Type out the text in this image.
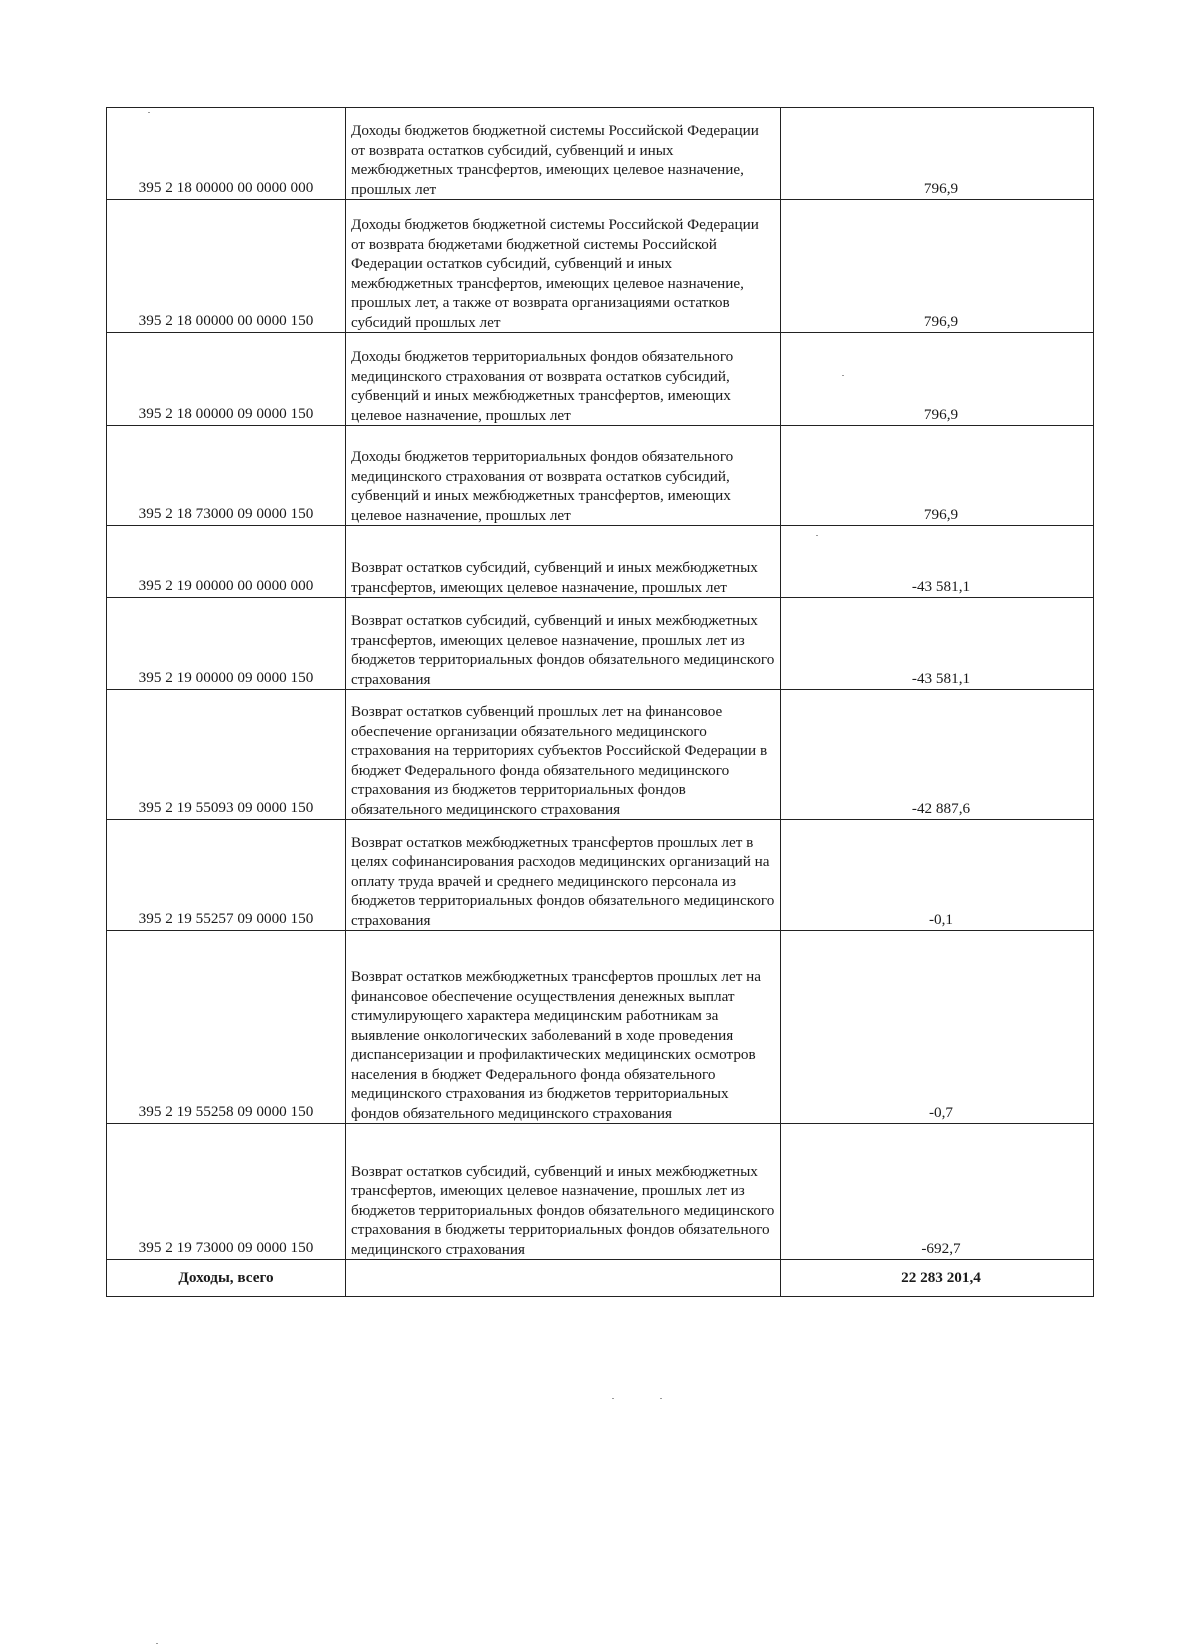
395 2 18 00000 00 0000 000	Доходы бюджетов бюджетной системы Российской Федерации от возврата остатков субсидий, субвенций и иных межбюджетных трансфертов, имеющих целевое назначение, прошлых лет	796,9
395 2 18 00000 00 0000 150	Доходы бюджетов бюджетной системы Российской Федерации от возврата бюджетами бюджетной системы Российской Федерации остатков субсидий, субвенций и иных межбюджетных трансфертов, имеющих целевое назначение, прошлых лет, а также от возврата организациями остатков субсидий прошлых лет	796,9
395 2 18 00000 09 0000 150	Доходы бюджетов территориальных фондов обязательного медицинского страхования от возврата остатков субсидий, субвенций и иных межбюджетных трансфертов, имеющих целевое назначение, прошлых лет	796,9
395 2 18 73000 09 0000 150	Доходы бюджетов территориальных фондов обязательного медицинского страхования от возврата остатков субсидий, субвенций и иных межбюджетных трансфертов, имеющих целевое назначение, прошлых лет	796,9
395 2 19 00000 00 0000 000	Возврат остатков субсидий, субвенций и иных межбюджетных трансфертов, имеющих целевое назначение, прошлых лет	-43 581,1
395 2 19 00000 09 0000 150	Возврат остатков субсидий, субвенций и иных межбюджетных трансфертов, имеющих целевое назначение, прошлых лет из бюджетов территориальных фондов обязательного медицинского страхования	-43 581,1
395 2 19 55093 09 0000 150	Возврат остатков субвенций прошлых лет на финансовое обеспечение организации обязательного медицинского страхования на территориях субъектов Российской Федерации в бюджет Федерального фонда обязательного медицинского страхования из бюджетов территориальных фондов обязательного медицинского страхования	-42 887,6
395 2 19 55257 09 0000 150	Возврат остатков межбюджетных трансфертов прошлых лет в целях софинансирования расходов медицинских организаций на оплату труда врачей и среднего медицинского персонала из бюджетов территориальных фондов обязательного медицинского страхования	-0,1
395 2 19 55258 09 0000 150	Возврат остатков межбюджетных трансфертов прошлых лет на финансовое обеспечение осуществления денежных выплат стимулирующего характера медицинским работникам за выявление онкологических заболеваний в ходе проведения диспансеризации и профилактических медицинских осмотров населения в бюджет Федерального фонда обязательного медицинского страхования из бюджетов территориальных фондов обязательного медицинского страхования	-0,7
395 2 19 73000 09 0000 150	Возврат остатков субсидий, субвенций и иных межбюджетных трансфертов, имеющих целевое назначение, прошлых лет из бюджетов территориальных фондов обязательного медицинского страхования в бюджеты территориальных фондов обязательного медицинского страхования	-692,7
Доходы, всего		22 283 201,4
